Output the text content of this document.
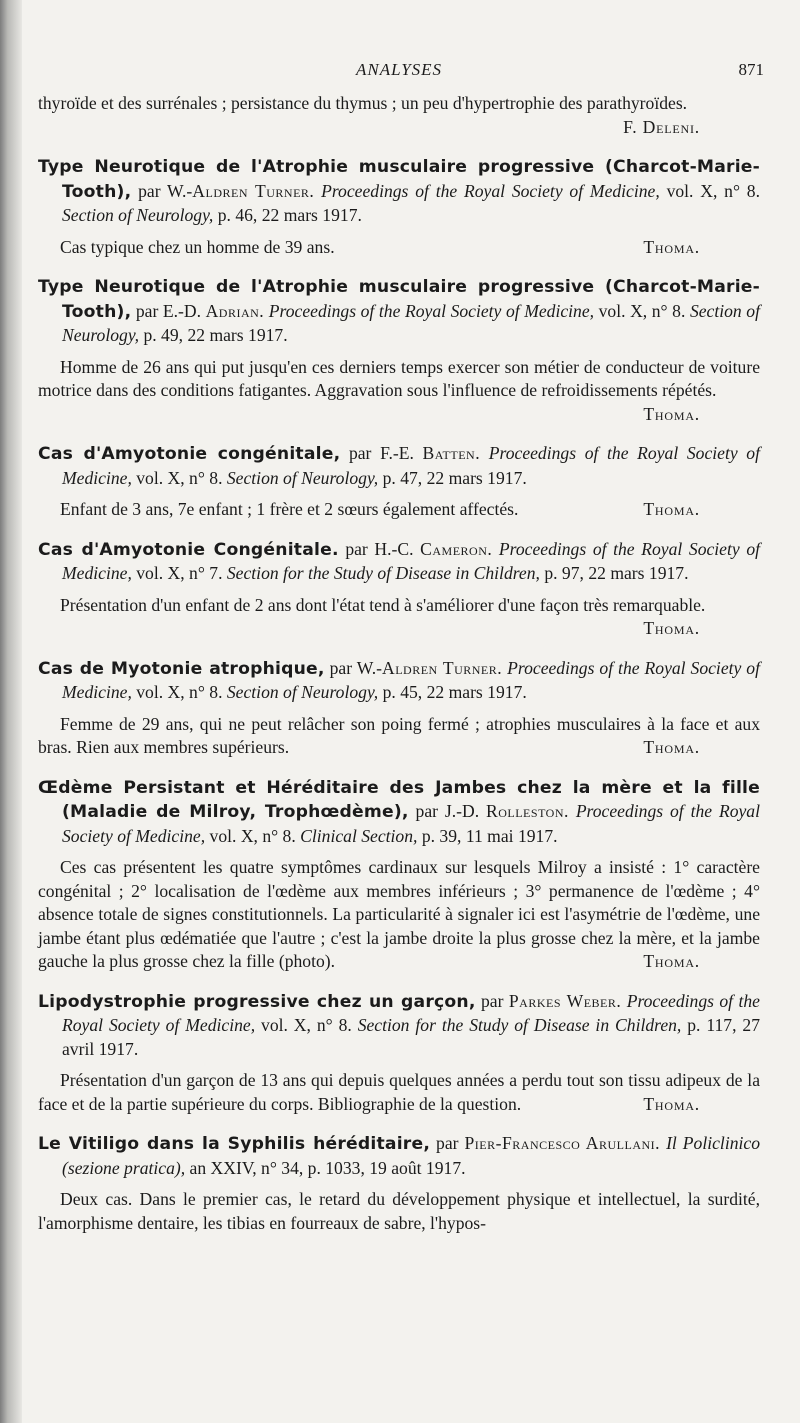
ANALYSES	871

thyroïde et des surrénales ; persistance du thymus ; un peu d'hypertrophie des parathyroïdes.
F. Deleni.

Type Neurotique de l'Atrophie musculaire progressive (Charcot-Marie-Tooth), par W.-Aldren Turner. Proceedings of the Royal Society of Medicine, vol. X, n° 8. Section of Neurology, p. 46, 22 mars 1917.

Cas typique chez un homme de 39 ans.	Thoma.

Type Neurotique de l'Atrophie musculaire progressive (Charcot-Marie-Tooth), par E.-D. Adrian. Proceedings of the Royal Society of Medicine, vol. X, n° 8. Section of Neurology, p. 49, 22 mars 1917.

Homme de 26 ans qui put jusqu'en ces derniers temps exercer son métier de conducteur de voiture motrice dans des conditions fatigantes. Aggravation sous l'influence de refroidissements répétés.
Thoma.

Cas d'Amyotonie congénitale, par F.-E. Batten. Proceedings of the Royal Society of Medicine, vol. X, n° 8. Section of Neurology, p. 47, 22 mars 1917.

Enfant de 3 ans, 7e enfant ; 1 frère et 2 sœurs également affectés.	Thoma.

Cas d'Amyotonie Congénitale. par H.-C. Cameron. Proceedings of the Royal Society of Medicine, vol. X, n° 7. Section for the Study of Disease in Children, p. 97, 22 mars 1917.

Présentation d'un enfant de 2 ans dont l'état tend à s'améliorer d'une façon très remarquable.
Thoma.

Cas de Myotonie atrophique, par W.-Aldren Turner. Proceedings of the Royal Society of Medicine, vol. X, n° 8. Section of Neurology, p. 45, 22 mars 1917.

Femme de 29 ans, qui ne peut relâcher son poing fermé ; atrophies musculaires à la face et aux bras. Rien aux membres supérieurs.	Thoma.

Œdème Persistant et Héréditaire des Jambes chez la mère et la fille (Maladie de Milroy, Trophœdème), par J.-D. Rolleston. Proceedings of the Royal Society of Medicine, vol. X, n° 8. Clinical Section, p. 39, 11 mai 1917.

Ces cas présentent les quatre symptômes cardinaux sur lesquels Milroy a insisté : 1° caractère congénital ; 2° localisation de l'œdème aux membres inférieurs ; 3° permanence de l'œdème ; 4° absence totale de signes constitutionnels. La particularité à signaler ici est l'asymétrie de l'œdème, une jambe étant plus œdématiée que l'autre ; c'est la jambe droite la plus grosse chez la mère, et la jambe gauche la plus grosse chez la fille (photo).	Thoma.

Lipodystrophie progressive chez un garçon, par Parkes Weber. Proceedings of the Royal Society of Medicine, vol. X, n° 8. Section for the Study of Disease in Children, p. 117, 27 avril 1917.

Présentation d'un garçon de 13 ans qui depuis quelques années a perdu tout son tissu adipeux de la face et de la partie supérieure du corps. Bibliographie de la question.	Thoma.

Le Vitiligo dans la Syphilis héréditaire, par Pier-Francesco Arullani. Il Policlinico (sezione pratica), an XXIV, n° 34, p. 1033, 19 août 1917.

Deux cas. Dans le premier cas, le retard du développement physique et intellectuel, la surdité, l'amorphisme dentaire, les tibias en fourreaux de sabre, l'hypos-
